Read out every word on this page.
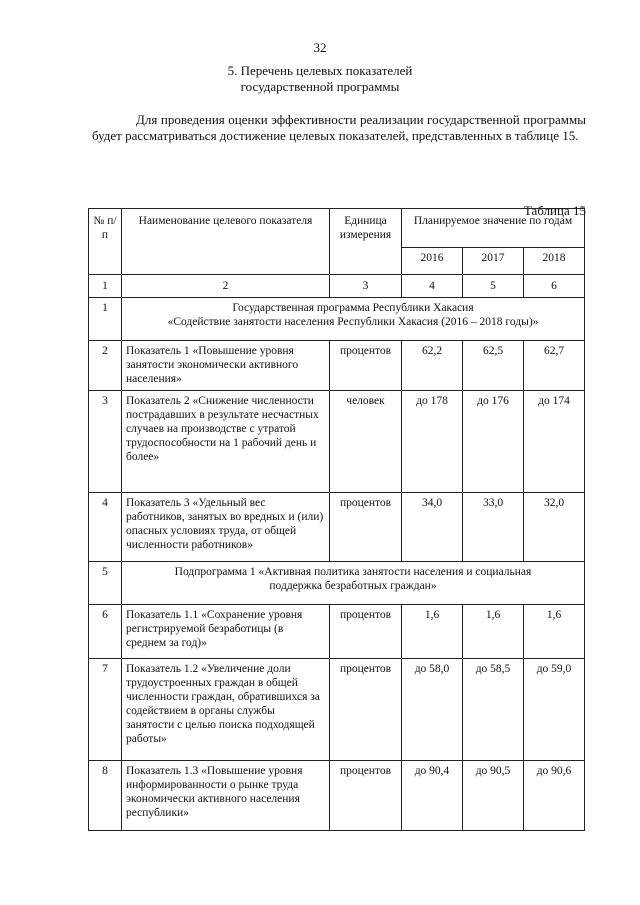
32
5. Перечень целевых показателей
государственной программы
Для проведения оценки эффективности реализации государственной программы будет рассматриваться достижение целевых показателей, представленных в таблице 15.
Таблица 15
№ п/п	Наименование целевого показателя	Единица измерения	Планируемое значение по годам		
			2016	2017	2018
1	2	3	4	5	6
1	Государственная программа Республики Хакасия
«Содействие занятости населения Республики Хакасия (2016 – 2018 годы)»				

2	Показатель 1 «Повышение уровня занятости экономически активного населения»	процентов	62,2	62,5	62,7
3	Показатель 2 «Снижение численности пострадавших в результате несчастных случаев на производстве с утратой трудоспособности на 1 рабочий день и более»	человек	до 178	до 176	до 174
4	Показатель 3 «Удельный вес работников, занятых во вредных и (или) опасных условиях труда, от общей численности работников»	процентов	34,0	33,0	32,0
5	Подпрограмма 1 «Активная политика занятости населения и социальная
поддержка безработных граждан»				

6	Показатель 1.1 «Сохранение уровня регистрируемой безработицы (в среднем за год)»	процентов	1,6	1,6	1,6
7	Показатель 1.2 «Увеличение доли трудоустроенных граждан в общей численности граждан, обратившихся за содействием в органы службы занятости с целью поиска подходящей работы»	процентов	до 58,0	до 58,5	до 59,0
8	Показатель 1.3 «Повышение уровня информированности о рынке труда экономически активного населения республики»	процентов	до 90,4	до 90,5	до 90,6
